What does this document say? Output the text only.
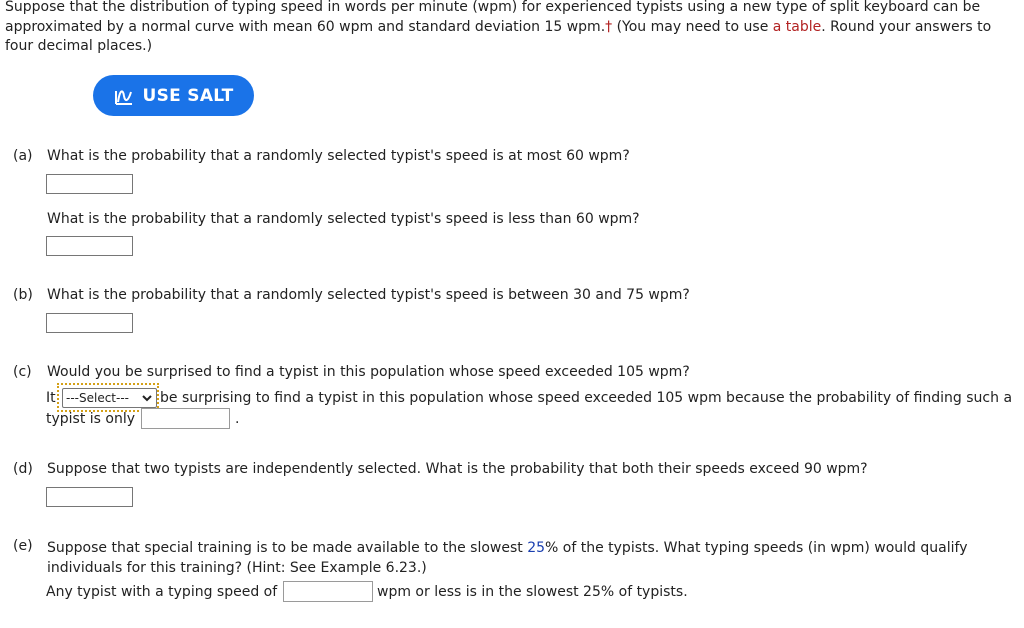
Suppose that the distribution of typing speed in words per minute (wpm) for experienced typists using a new type of split keyboard can be
approximated by a normal curve with mean 60 wpm and standard deviation 15 wpm.† (You may need to use a table. Round your answers to
four decimal places.)
USE SALT
(a) What is the probability that a randomly selected typist's speed is at most 60 wpm?
What is the probability that a randomly selected typist's speed is less than 60 wpm?
(b) What is the probability that a randomly selected typist's speed is between 30 and 75 wpm?
(c) Would you be surprised to find a typist in this population whose speed exceeded 105 wpm?
It ---Select---	be surprising to find a typist in this population whose speed exceeded 105 wpm because the probability of finding such a
typist is only	.
(d) Suppose that two typists are independently selected. What is the probability that both their speeds exceed 90 wpm?
(e) Suppose that special training is to be made available to the slowest 25% of the typists. What typing speeds (in wpm) would qualify
individuals for this training? (Hint: See Example 6.23.)
Any typist with a typing speed of	wpm or less is in the slowest 25% of typists.
